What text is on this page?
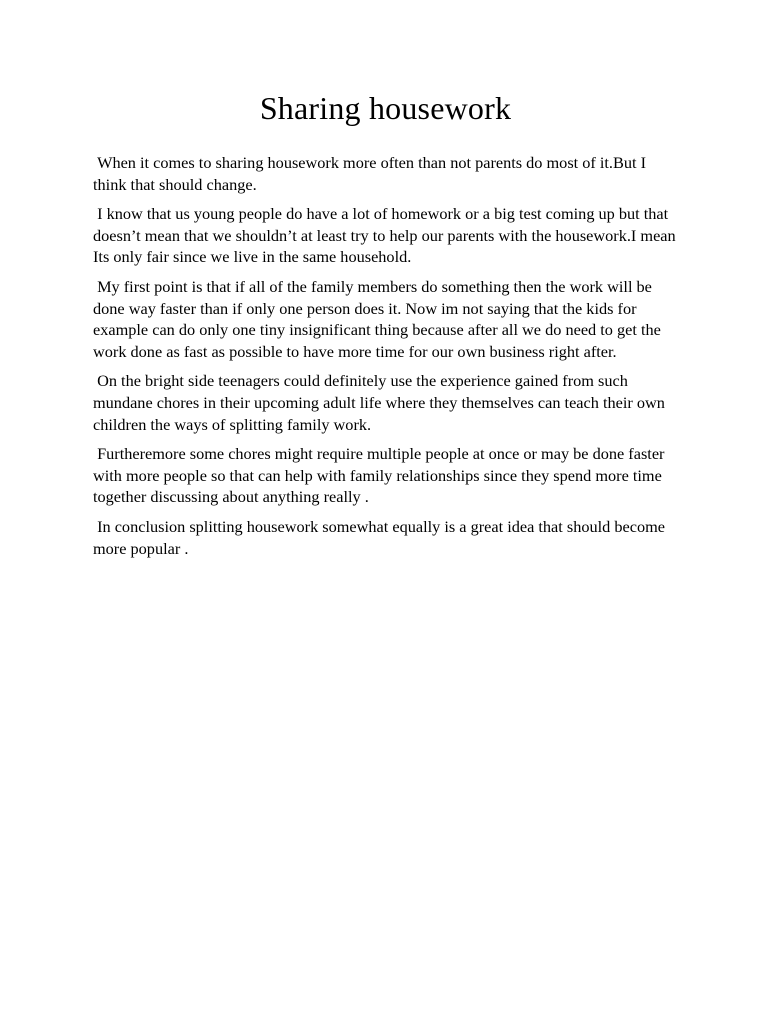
Sharing housework

When it comes to sharing housework more often than not parents do most of it.But I think that should change.

I know that us young people do have a lot of homework or a big test coming up but that doesn’t mean that we shouldn’t at least try to help our parents with the housework.I mean Its only fair since we live in the same household.

My first point is that if all of the family members do something then the work will be done way faster than if only one person does it. Now im not saying that the kids for example can do only one tiny insignificant thing because after all we do need to get the work done as fast as possible to have more time for our own business right after.

On the bright side teenagers could definitely use the experience gained from such mundane chores in their upcoming adult life where they themselves can teach their own children the ways of splitting family work.

Furtheremore some chores might require multiple people at once or may be done faster with more people so that can help with family relationships since they spend more time together discussing about anything really .

In conclusion splitting housework somewhat equally is a great idea that should become more popular .
